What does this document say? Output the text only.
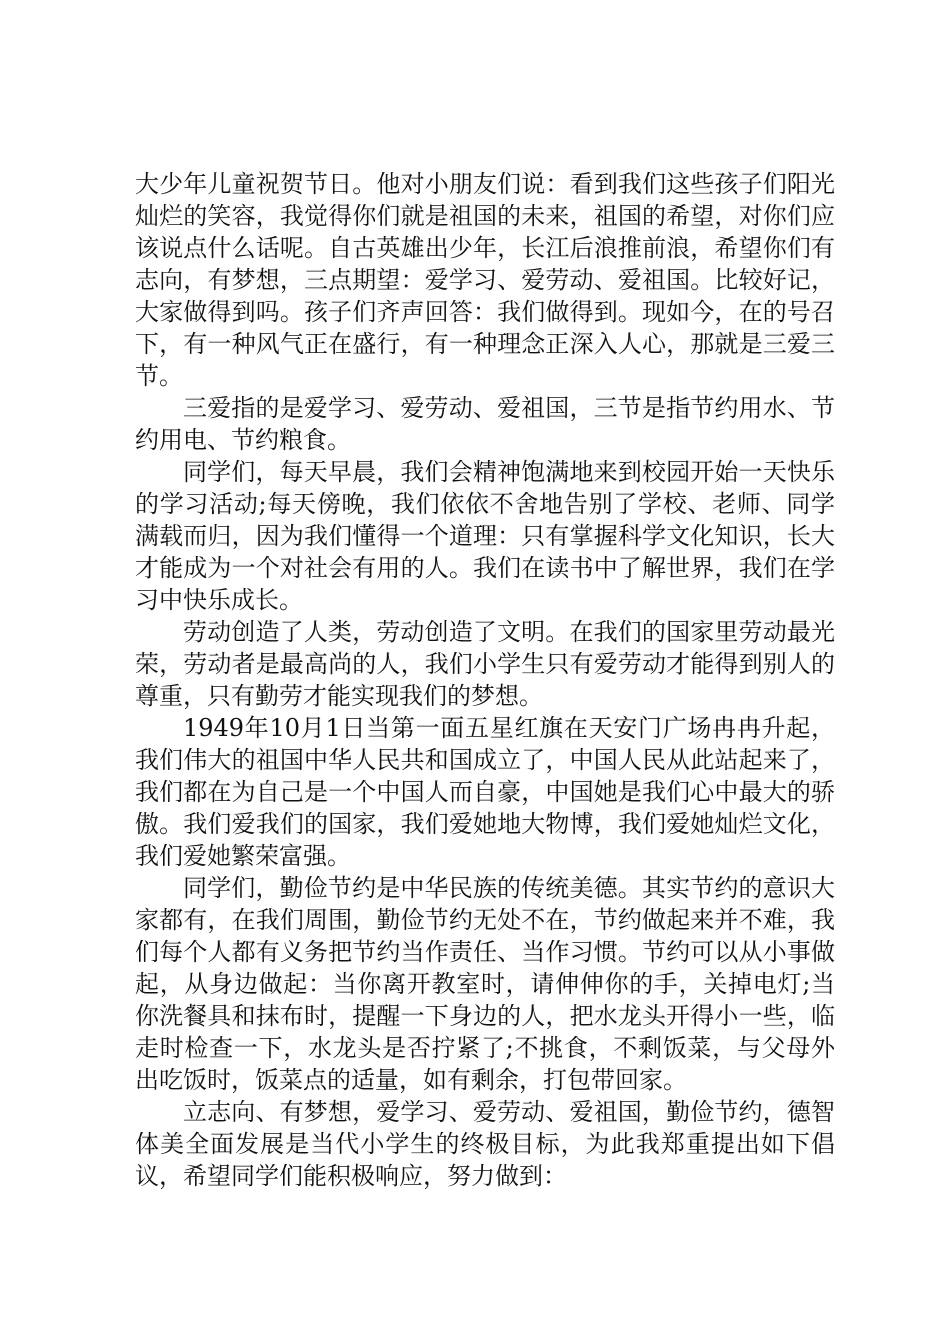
大少年儿童祝贺节日。他对小朋友们说：看到我们这些孩子们阳光灿烂的笑容，我觉得你们就是祖国的未来，祖国的希望，对你们应该说点什么话呢。自古英雄出少年，长江后浪推前浪，希望你们有志向，有梦想，三点期望：爱学习、爱劳动、爱祖国。比较好记，大家做得到吗。孩子们齐声回答：我们做得到。现如今，在的号召下，有一种风气正在盛行，有一种理念正深入人心，那就是三爱三节。

三爱指的是爱学习、爱劳动、爱祖国，三节是指节约用水、节约用电、节约粮食。

同学们，每天早晨，我们会精神饱满地来到校园开始一天快乐的学习活动;每天傍晚，我们依依不舍地告别了学校、老师、同学满载而归，因为我们懂得一个道理：只有掌握科学文化知识，长大才能成为一个对社会有用的人。我们在读书中了解世界，我们在学习中快乐成长。

劳动创造了人类，劳动创造了文明。在我们的国家里劳动最光荣，劳动者是最高尚的人，我们小学生只有爱劳动才能得到别人的尊重，只有勤劳才能实现我们的梦想。

1949年10月1日当第一面五星红旗在天安门广场冉冉升起，我们伟大的祖国中华人民共和国成立了，中国人民从此站起来了，我们都在为自己是一个中国人而自豪，中国她是我们心中最大的骄傲。我们爱我们的国家，我们爱她地大物博，我们爱她灿烂文化，我们爱她繁荣富强。

同学们，勤俭节约是中华民族的传统美德。其实节约的意识大家都有，在我们周围，勤俭节约无处不在，节约做起来并不难，我们每个人都有义务把节约当作责任、当作习惯。节约可以从小事做起，从身边做起：当你离开教室时，请伸伸你的手，关掉电灯;当你洗餐具和抹布时，提醒一下身边的人，把水龙头开得小一些，临走时检查一下，水龙头是否拧紧了;不挑食，不剩饭菜，与父母外出吃饭时，饭菜点的适量，如有剩余，打包带回家。

立志向、有梦想，爱学习、爱劳动、爱祖国，勤俭节约，德智体美全面发展是当代小学生的终极目标，为此我郑重提出如下倡议，希望同学们能积极响应，努力做到：
